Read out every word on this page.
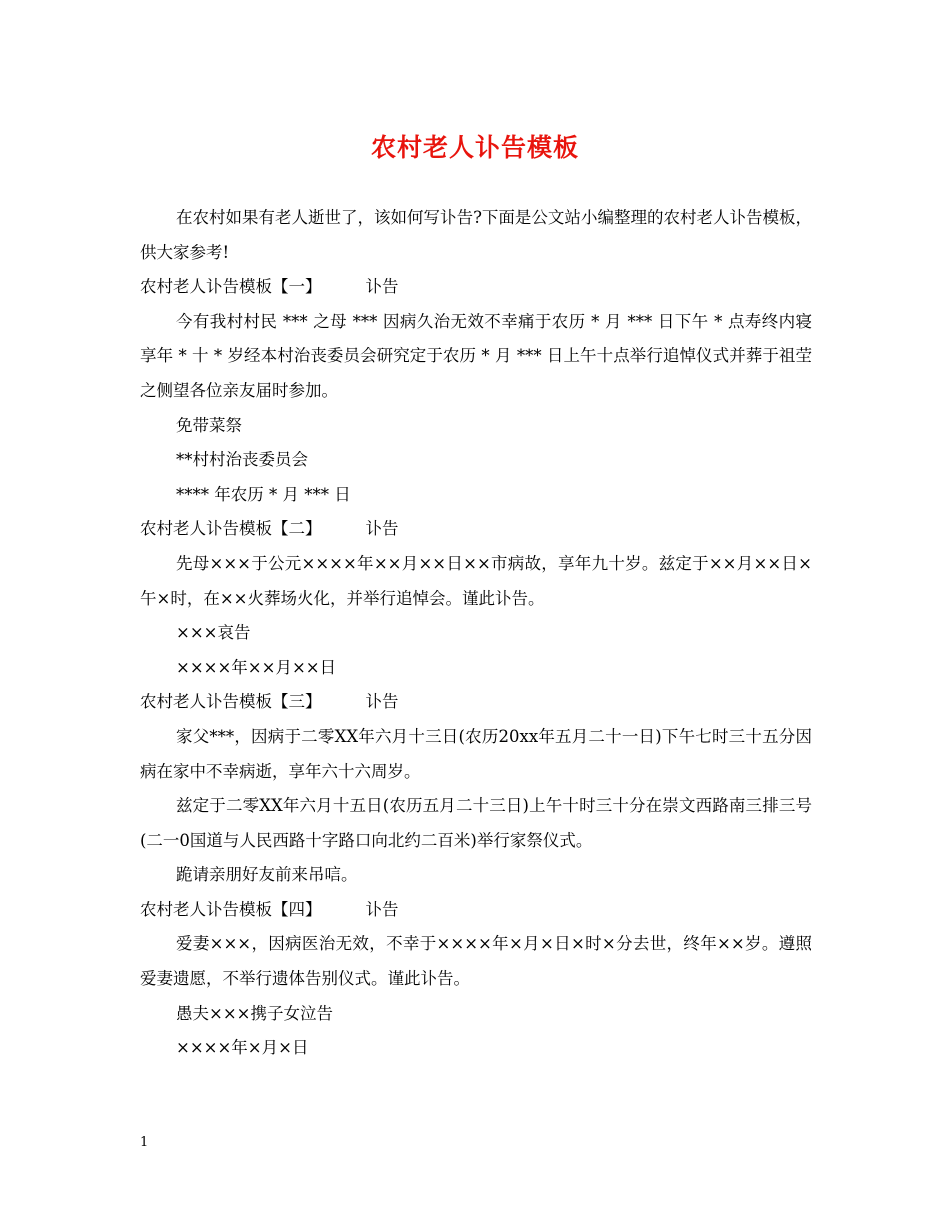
农村老人讣告模板

在农村如果有老人逝世了，该如何写讣告?下面是公文站小编整理的农村老人讣告模板，供大家参考!

农村老人讣告模板【一】	讣告

今有我村村民 *** 之母 *** 因病久治无效不幸痛于农历 * 月 *** 日下午 * 点寿终内寝享年 * 十 * 岁经本村治丧委员会研究定于农历 * 月 *** 日上午十点举行追悼仪式并葬于祖茔之侧望各位亲友届时参加。

免带菜祭

**村村治丧委员会

**** 年农历 * 月 *** 日

农村老人讣告模板【二】	讣告

先母×××于公元××××年××月××日××市病故，享年九十岁。兹定于××月××日×午×时，在××火葬场火化，并举行追悼会。谨此讣告。

×××哀告

××××年××月××日

农村老人讣告模板【三】	讣告

家父***，因病于二零XX年六月十三日(农历20xx年五月二十一日)下午七时三十五分因病在家中不幸病逝，享年六十六周岁。

兹定于二零XX年六月十五日(农历五月二十三日)上午十时三十分在崇文西路南三排三号(二一0国道与人民西路十字路口向北约二百米)举行家祭仪式。

跪请亲朋好友前来吊唁。

农村老人讣告模板【四】	讣告

爱妻×××，因病医治无效，不幸于××××年×月×日×时×分去世，终年××岁。遵照爱妻遗愿，不举行遗体告别仪式。谨此讣告。

愚夫×××携子女泣告

××××年×月×日

1
